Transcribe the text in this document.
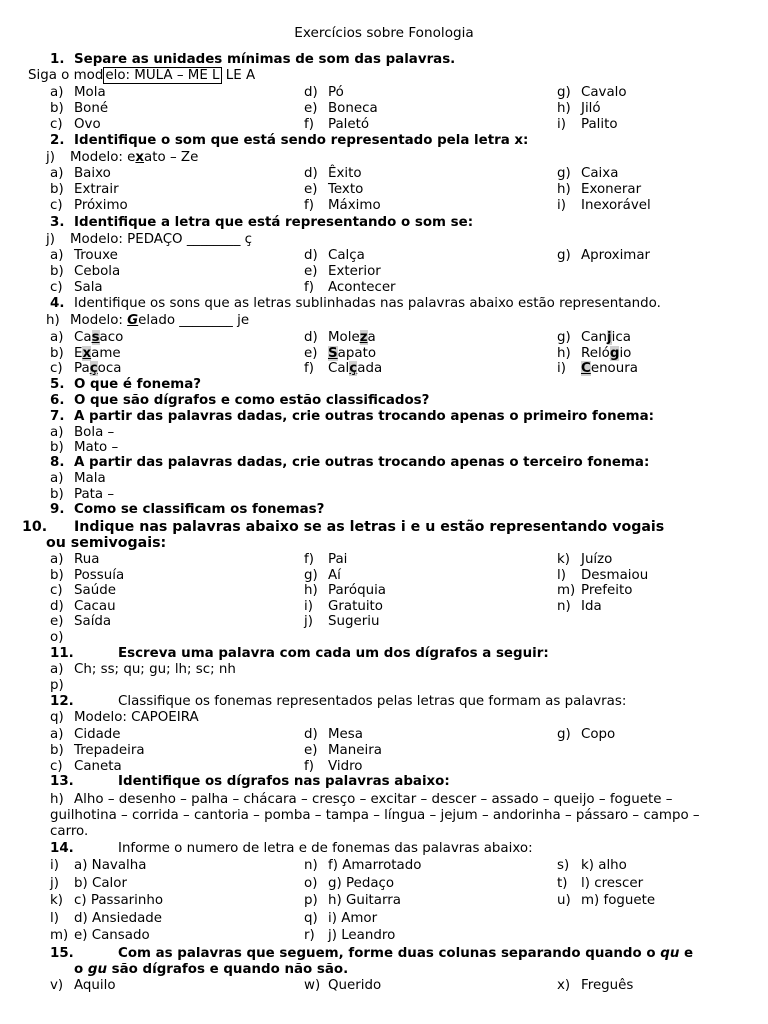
Exercícios sobre Fonologia
1. Separe as unidades mínimas de som das palavras.
Siga o mod elo: MULA – ME L LE A
a) Mola	d) Pó	g) Cavalo
b) Boné	e) Boneca	h) Jiló
c) Ovo	f) Paletó	i) Palito
2. Identifique o som que está sendo representado pela letra x:
j) Modelo: exato – Ze
a) Baixo	d) Êxito	g) Caixa
b) Extrair	e) Texto	h) Exonerar
c) Próximo	f) Máximo	i) Inexorável
3. Identifique a letra que está representando o som se:
j) Modelo: PEDAÇO ________ ç
a) Trouxe	d) Calça	g) Aproximar
b) Cebola	e) Exterior
c) Sala	f) Acontecer
4. Identifique os sons que as letras sublinhadas nas palavras abaixo estão representando.
h) Modelo: Gelado ________ je
a) Casaco	d) Moleza	g) Canjica
b) Exame	e) Sapato	h) Relógio
c) Paçoca	f) Calçada	i) Cenoura
5. O que é fonema?
6. O que são dígrafos e como estão classificados?
7. A partir das palavras dadas, crie outras trocando apenas o primeiro fonema:
a) Bola –
b) Mato –
8. A partir das palavras dadas, crie outras trocando apenas o terceiro fonema:
a) Mala
b) Pata –
9. Como se classificam os fonemas?
10. Indique nas palavras abaixo se as letras i e u estão representando vogais
ou semivogais:
a) Rua	f) Pai	k) Juízo
b) Possuía	g) Aí	l) Desmaiou
c) Saúde	h) Paróquia	m) Prefeito
d) Cacau	i) Gratuito	n) Ida
e) Saída	j) Sugeriu
o)
11.	Escreva uma palavra com cada um dos dígrafos a seguir:
a) Ch; ss; qu; gu; lh; sc; nh
p)
12.	Classifique os fonemas representados pelas letras que formam as palavras:
q) Modelo: CAPOEIRA
a) Cidade	d) Mesa	g) Copo
b) Trepadeira	e) Maneira
c) Caneta	f) Vidro
13.	Identifique os dígrafos nas palavras abaixo:
h) Alho – desenho – palha – chácara – cresço – excitar – descer – assado – queijo – foguete –
guilhotina – corrida – cantoria – pomba – tampa – língua – jejum – andorinha – pássaro – campo –
carro.
14.	Informe o numero de letra e de fonemas das palavras abaixo:
i) a) Navalha	n) f) Amarrotado	s) k) alho
j) b) Calor	o) g) Pedaço	t) l) crescer
k) c) Passarinho	p) h) Guitarra	u) m) foguete
l) d) Ansiedade	q) i) Amor
m) e) Cansado	r) j) Leandro
15.	Com as palavras que seguem, forme duas colunas separando quando o qu e
o gu são dígrafos e quando não são.
v) Aquilo	w) Querido	x) Freguês
